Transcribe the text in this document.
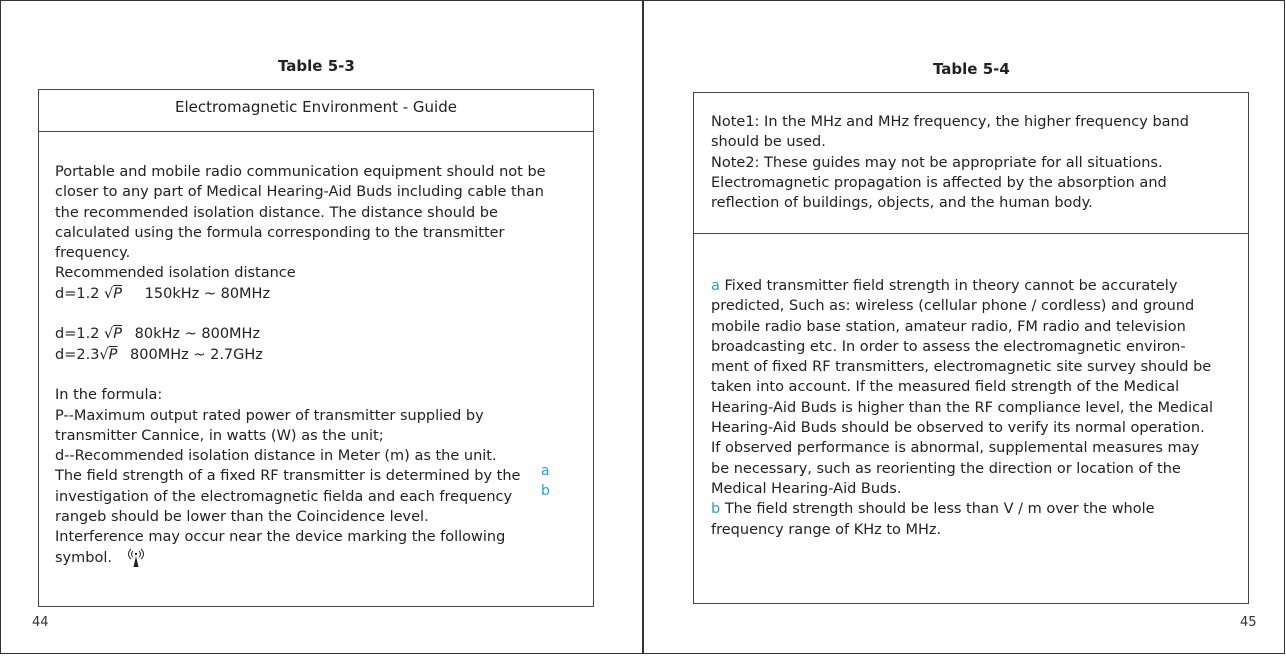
Table 5-3
Electromagnetic Environment - Guide
Portable and mobile radio communication equipment should not be
closer to any part of Medical Hearing-Aid Buds including cable than
the recommended isolation distance. The distance should be
calculated using the formula corresponding to the transmitter
frequency.
Recommended isolation distance
d=1.2 √P 150kHz ~ 80MHz
d=1.2 √P 80kHz ~ 800MHz
d=2.3√P 800MHz ~ 2.7GHz
In the formula:
P--Maximum output rated power of transmitter supplied by
transmitter Cannice, in watts (W) as the unit;
d--Recommended isolation distance in Meter (m) as the unit.
The field strength of a fixed RF transmitter is determined by the
investigation of the electromagnetic fielda and each frequency
rangeb should be lower than the Coincidence level.
Interference may occur near the device marking the following
symbol.
a
b
44
Table 5-4
Note1: In the MHz and MHz frequency, the higher frequency band
should be used.
Note2: These guides may not be appropriate for all situations.
Electromagnetic propagation is affected by the absorption and
reflection of buildings, objects, and the human body.
a Fixed transmitter field strength in theory cannot be accurately
predicted, Such as: wireless (cellular phone / cordless) and ground
mobile radio base station, amateur radio, FM radio and television
broadcasting etc. In order to assess the electromagnetic environ-
ment of fixed RF transmitters, electromagnetic site survey should be
taken into account. If the measured field strength of the Medical
Hearing-Aid Buds is higher than the RF compliance level, the Medical
Hearing-Aid Buds should be observed to verify its normal operation.
If observed performance is abnormal, supplemental measures may
be necessary, such as reorienting the direction or location of the
Medical Hearing-Aid Buds.
b The field strength should be less than V / m over the whole
frequency range of KHz to MHz.
45
